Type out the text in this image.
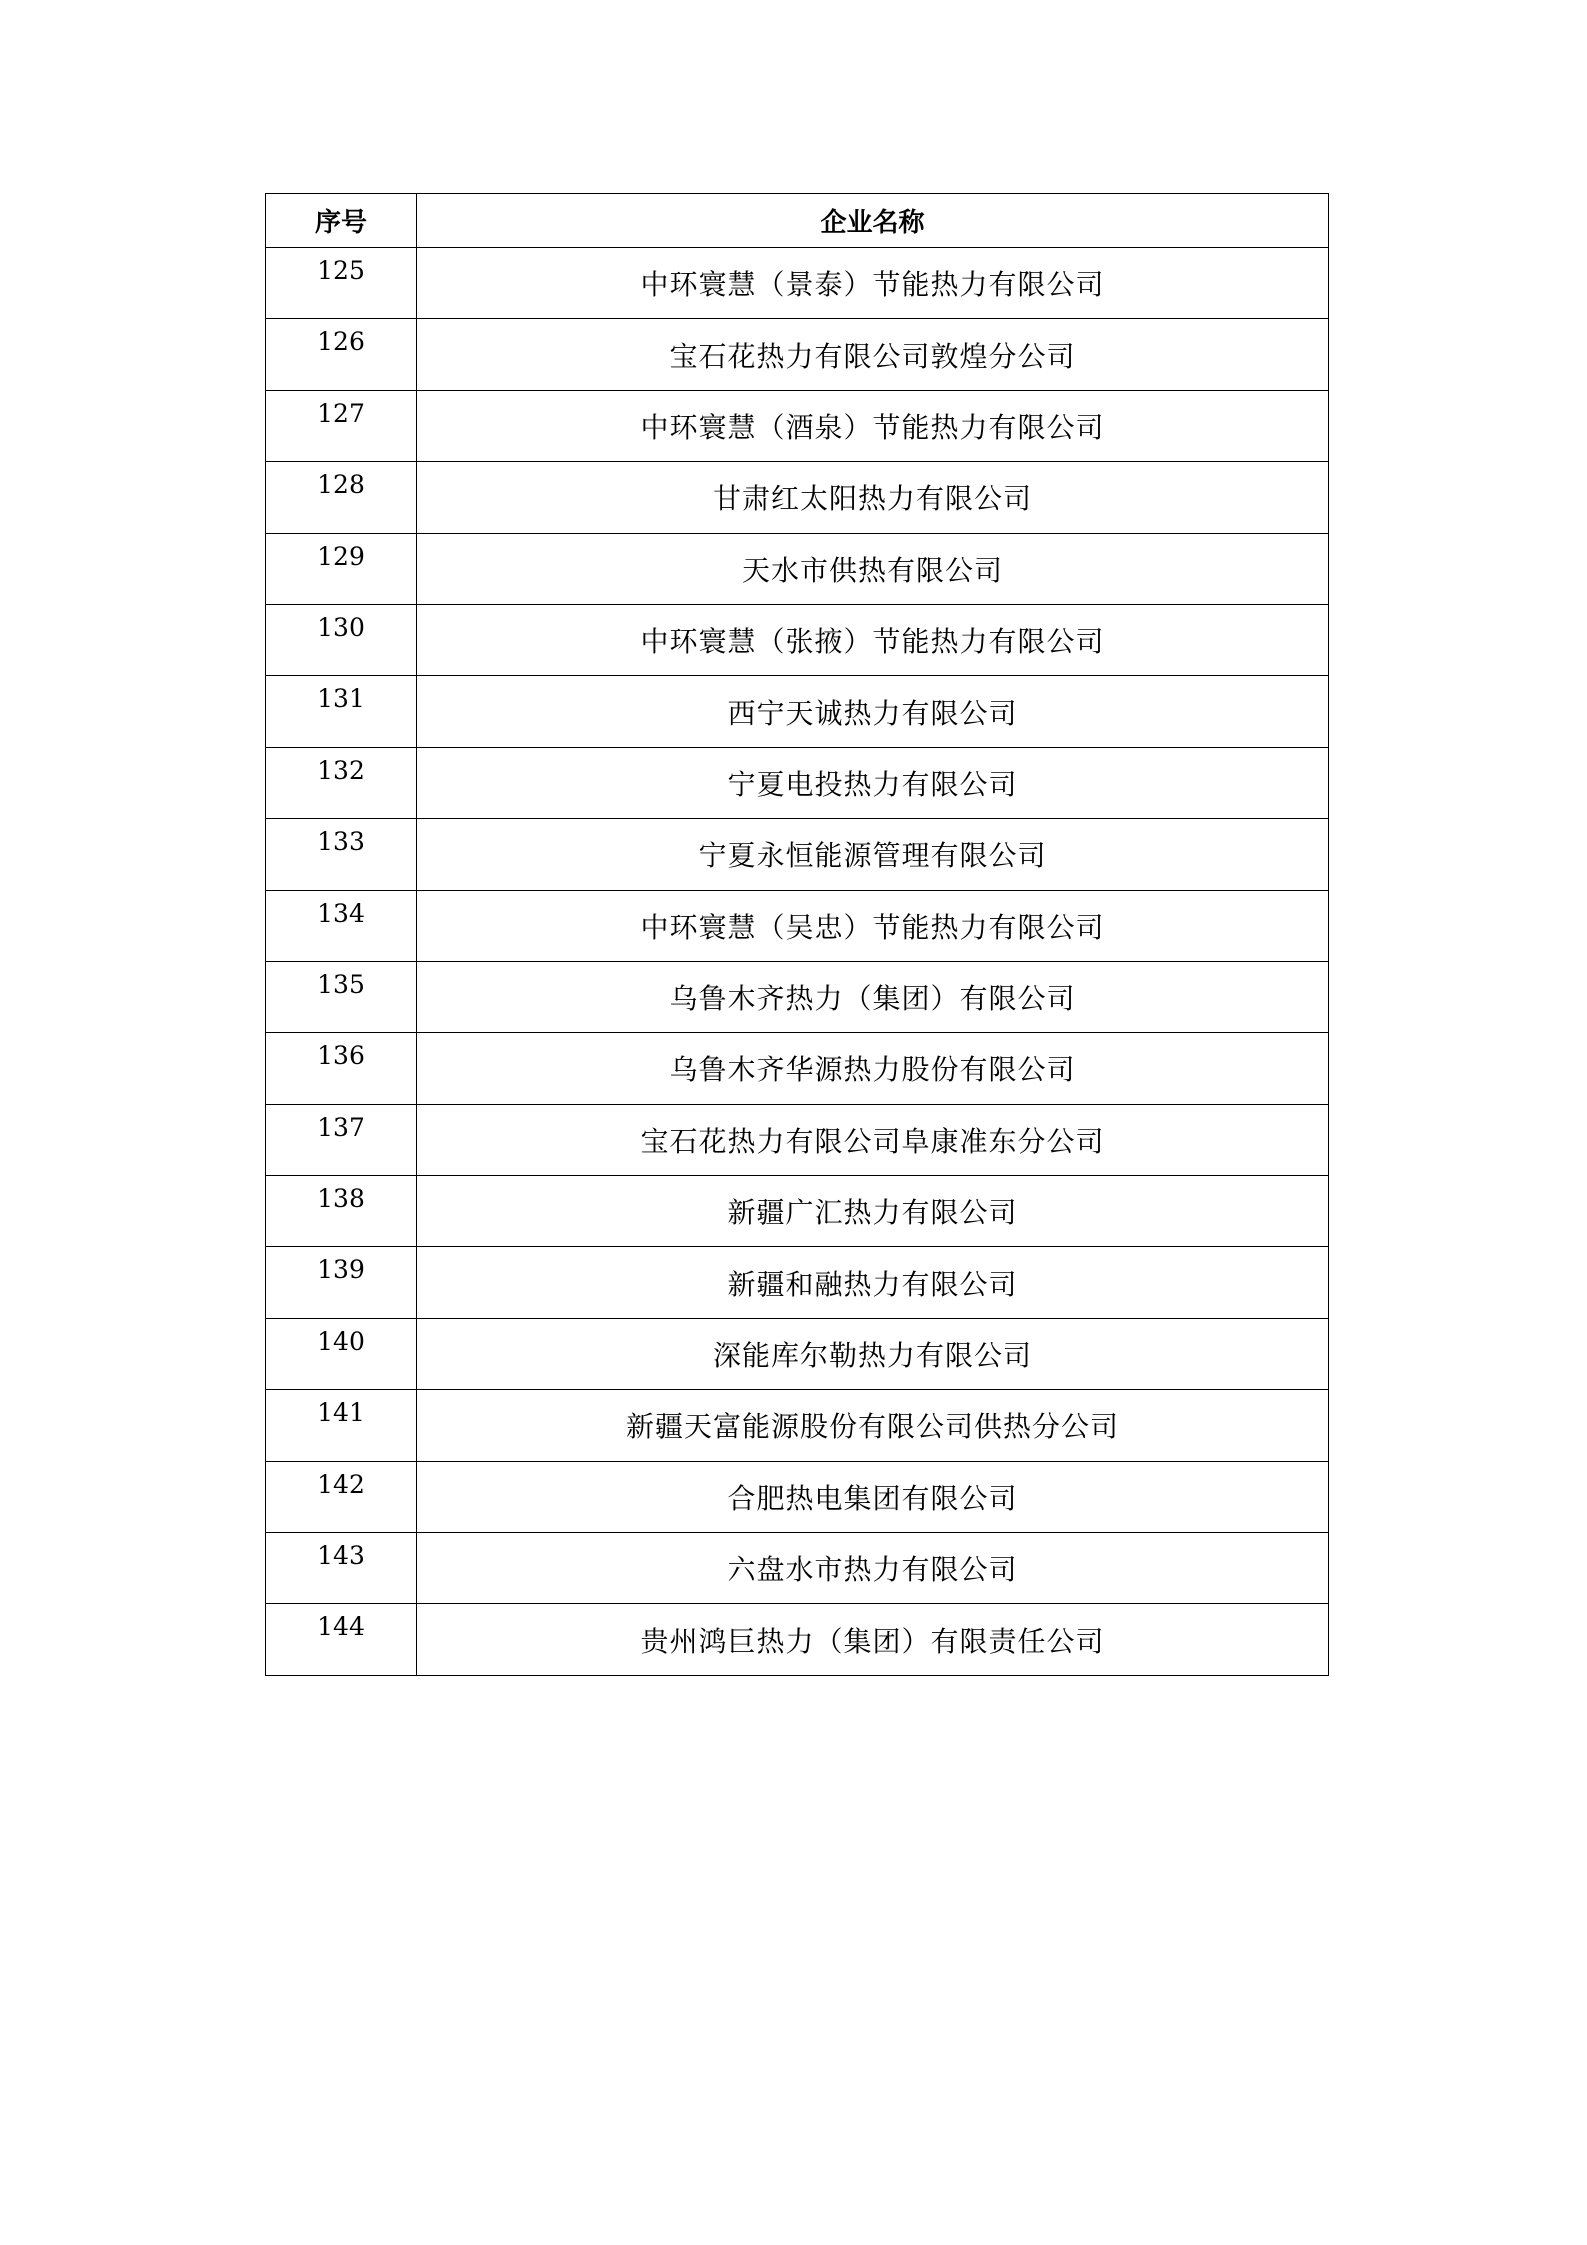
序号	企业名称
125	中环寰慧（景泰）节能热力有限公司
126	宝石花热力有限公司敦煌分公司
127	中环寰慧（酒泉）节能热力有限公司
128	甘肃红太阳热力有限公司
129	天水市供热有限公司
130	中环寰慧（张掖）节能热力有限公司
131	西宁天诚热力有限公司
132	宁夏电投热力有限公司
133	宁夏永恒能源管理有限公司
134	中环寰慧（吴忠）节能热力有限公司
135	乌鲁木齐热力（集团）有限公司
136	乌鲁木齐华源热力股份有限公司
137	宝石花热力有限公司阜康准东分公司
138	新疆广汇热力有限公司
139	新疆和融热力有限公司
140	深能库尔勒热力有限公司
141	新疆天富能源股份有限公司供热分公司
142	合肥热电集团有限公司
143	六盘水市热力有限公司
144	贵州鸿巨热力（集团）有限责任公司
